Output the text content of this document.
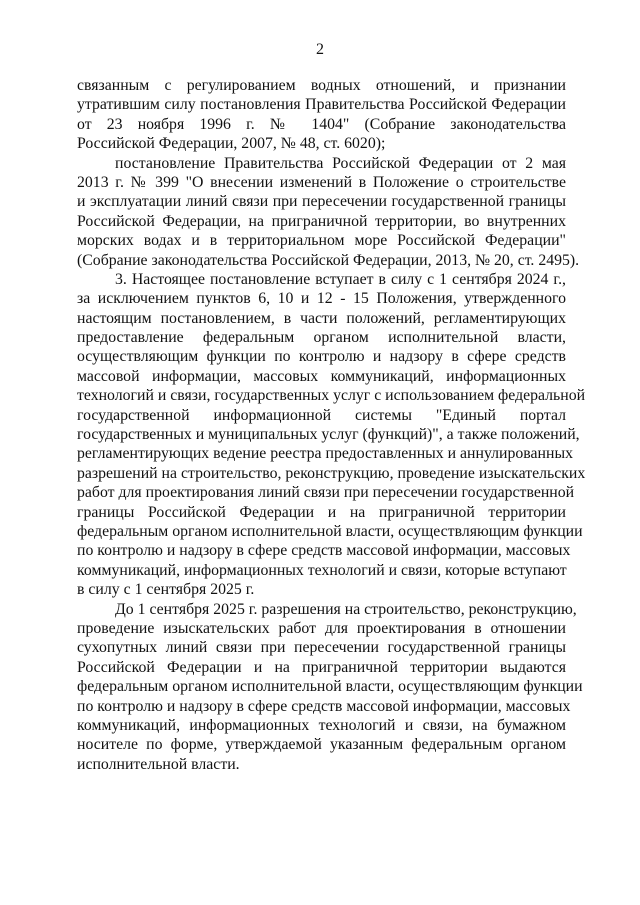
2
связанным с регулированием водных отношений, и признании
утратившим силу постановления Правительства Российской Федерации
от 23 ноября 1996 г. № 1404" (Собрание законодательства
Российской Федерации, 2007, № 48, ст. 6020);
постановление Правительства Российской Федерации от 2 мая
2013 г. № 399 "О внесении изменений в Положение о строительстве
и эксплуатации линий связи при пересечении государственной границы
Российской Федерации, на приграничной территории, во внутренних
морских водах и в территориальном море Российской Федерации"
(Собрание законодательства Российской Федерации, 2013, № 20, ст. 2495).
3. Настоящее постановление вступает в силу с 1 сентября 2024 г.,
за исключением пунктов 6, 10 и 12 - 15 Положения, утвержденного
настоящим постановлением, в части положений, регламентирующих
предоставление федеральным органом исполнительной власти,
осуществляющим функции по контролю и надзору в сфере средств
массовой информации, массовых коммуникаций, информационных
технологий и связи, государственных услуг с использованием федеральной
государственной информационной системы "Единый портал
государственных и муниципальных услуг (функций)", а также положений,
регламентирующих ведение реестра предоставленных и аннулированных
разрешений на строительство, реконструкцию, проведение изыскательских
работ для проектирования линий связи при пересечении государственной
границы Российской Федерации и на приграничной территории
федеральным органом исполнительной власти, осуществляющим функции
по контролю и надзору в сфере средств массовой информации, массовых
коммуникаций, информационных технологий и связи, которые вступают
в силу с 1 сентября 2025 г.
До 1 сентября 2025 г. разрешения на строительство, реконструкцию,
проведение изыскательских работ для проектирования в отношении
сухопутных линий связи при пересечении государственной границы
Российской Федерации и на приграничной территории выдаются
федеральным органом исполнительной власти, осуществляющим функции
по контролю и надзору в сфере средств массовой информации, массовых
коммуникаций, информационных технологий и связи, на бумажном
носителе по форме, утверждаемой указанным федеральным органом
исполнительной власти.
